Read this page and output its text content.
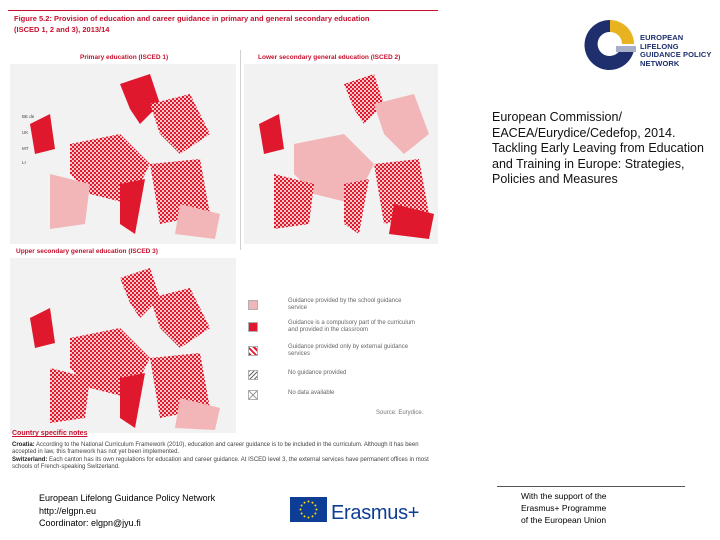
Figure 5.2: Provision of education and career guidance in primary and general secondary education
(ISCED 1, 2 and 3), 2013/14
Primary education (ISCED 1)	Lower secondary general education (ISCED 2)
Upper secondary general education (ISCED 3)
BE de
UK
MT
LI
Guidance provided by the school guidance service
Guidance is a compulsory part of the curriculum and provided in the classroom
Guidance provided only by external guidance services
No guidance provided
No data available
Source: Eurydice.
Country specific notes
Croatia: According to the National Curriculum Framework (2010), education and career guidance is to be included in the curriculum. Although it has been accepted in law, this framework has not yet been implemented.
Switzerland: Each canton has its own regulations for education and career guidance. At ISCED level 3, the external services have permanent offices in most schools of French-speaking Switzerland.
EUROPEAN LIFELONG
GUIDANCE POLICY
NETWORK
European Commission/ EACEA/Eurydice/Cedefop, 2014. Tackling Early Leaving from Education and Training in Europe: Strategies, Policies and Measures
European Lifelong Guidance Policy Network
http://elgpn.eu
Coordinator: elgpn@jyu.fi	Erasmus+
With the support of the
Erasmus+ Programme
of the European Union
